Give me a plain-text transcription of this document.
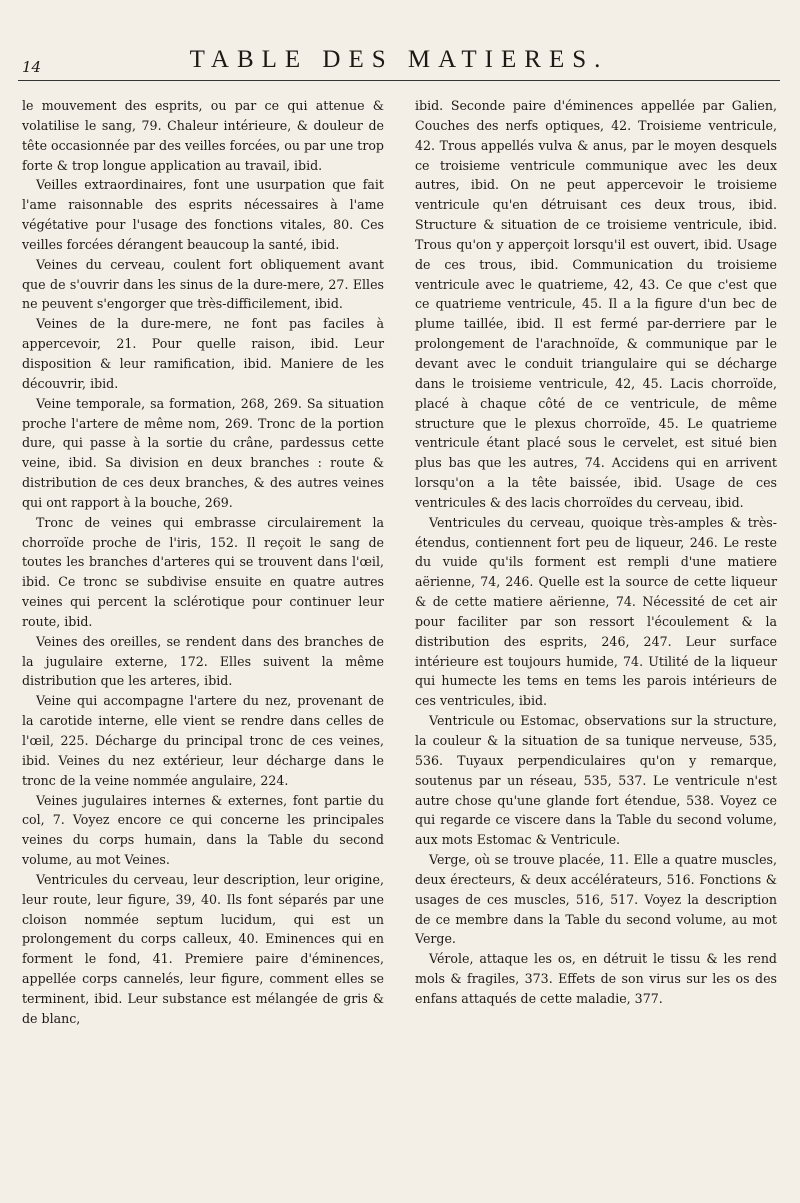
14	TABLE DES MATIERES.

le mouvement des esprits, ou par ce qui attenue & volatilise le sang, 79. Chaleur intérieure, & douleur de tête occasionnée par des veilles forcées, ou par une trop forte & trop longue application au travail, ibid.

Veilles extraordinaires, font une usurpation que fait l'ame raisonnable des esprits nécessaires à l'ame végétative pour l'usage des fonctions vitales, 80. Ces veilles forcées dérangent beaucoup la santé, ibid.

Veines du cerveau, coulent fort obliquement avant que de s'ouvrir dans les sinus de la dure-mere, 27. Elles ne peuvent s'engorger que très-difficilement, ibid.

Veines de la dure-mere, ne font pas faciles à appercevoir, 21. Pour quelle raison, ibid. Leur disposition & leur ramification, ibid. Maniere de les découvrir, ibid.

Veine temporale, sa formation, 268, 269. Sa situation proche l'artere de même nom, 269. Tronc de la portion dure, qui passe à la sortie du crâne, pardessus cette veine, ibid. Sa division en deux branches : route & distribution de ces deux branches, & des autres veines qui ont rapport à la bouche, 269.

Tronc de veines qui embrasse circulairement la chorroïde proche de l'iris, 152. Il reçoit le sang de toutes les branches d'arteres qui se trouvent dans l'œil, ibid. Ce tronc se subdivise ensuite en quatre autres veines qui percent la sclérotique pour continuer leur route, ibid.

Veines des oreilles, se rendent dans des branches de la jugulaire externe, 172. Elles suivent la même distribution que les arteres, ibid.

Veine qui accompagne l'artere du nez, provenant de la carotide interne, elle vient se rendre dans celles de l'œil, 225. Décharge du principal tronc de ces veines, ibid. Veines du nez extérieur, leur décharge dans le tronc de la veine nommée angulaire, 224.

Veines jugulaires internes & externes, font partie du col, 7. Voyez encore ce qui concerne les principales veines du corps humain, dans la Table du second volume, au mot Veines.

Ventricules du cerveau, leur description, leur origine, leur route, leur figure, 39, 40. Ils font séparés par une cloison nommée septum lucidum, qui est un prolongement du corps calleux, 40. Eminences qui en forment le fond, 41. Premiere paire d'éminences, appellée corps cannelés, leur figure, comment elles se terminent, ibid. Leur substance est mélangée de gris & de blanc,

ibid. Seconde paire d'éminences appellée par Galien, Couches des nerfs optiques, 42. Troisieme ventricule, 42. Trous appellés vulva & anus, par le moyen desquels ce troisieme ventricule communique avec les deux autres, ibid. On ne peut appercevoir le troisieme ventricule qu'en détruisant ces deux trous, ibid. Structure & situation de ce troisieme ventricule, ibid. Trous qu'on y apperçoit lorsqu'il est ouvert, ibid. Usage de ces trous, ibid. Communication du troisieme ventricule avec le quatrieme, 42, 43. Ce que c'est que ce quatrieme ventricule, 45. Il a la figure d'un bec de plume taillée, ibid. Il est fermé par-derriere par le prolongement de l'arachnoïde, & communique par le devant avec le conduit triangulaire qui se décharge dans le troisieme ventricule, 42, 45. Lacis chorroïde, placé à chaque côté de ce ventricule, de même structure que le plexus chorroïde, 45. Le quatrieme ventricule étant placé sous le cervelet, est situé bien plus bas que les autres, 74. Accidens qui en arrivent lorsqu'on a la tête baissée, ibid. Usage de ces ventricules & des lacis chorroïdes du cerveau, ibid.

Ventricules du cerveau, quoique très-amples & très-étendus, contiennent fort peu de liqueur, 246. Le reste du vuide qu'ils forment est rempli d'une matiere aërienne, 74, 246. Quelle est la source de cette liqueur & de cette matiere aërienne, 74. Nécessité de cet air pour faciliter par son ressort l'écoulement & la distribution des esprits, 246, 247. Leur surface intérieure est toujours humide, 74. Utilité de la liqueur qui humecte les tems en tems les parois intérieurs de ces ventricules, ibid.

Ventricule ou Estomac, observations sur la structure, la couleur & la situation de sa tunique nerveuse, 535, 536. Tuyaux perpendiculaires qu'on y remarque, soutenus par un réseau, 535, 537. Le ventricule n'est autre chose qu'une glande fort étendue, 538. Voyez ce qui regarde ce viscere dans la Table du second volume, aux mots Estomac & Ventricule.

Verge, où se trouve placée, 11. Elle a quatre muscles, deux érecteurs, & deux accélérateurs, 516. Fonctions & usages de ces muscles, 516, 517. Voyez la description de ce membre dans la Table du second volume, au mot Verge.

Vérole, attaque les os, en détruit le tissu & les rend mols & fragiles, 373. Effets de son virus sur les os des enfans attaqués de cette maladie, 377.
